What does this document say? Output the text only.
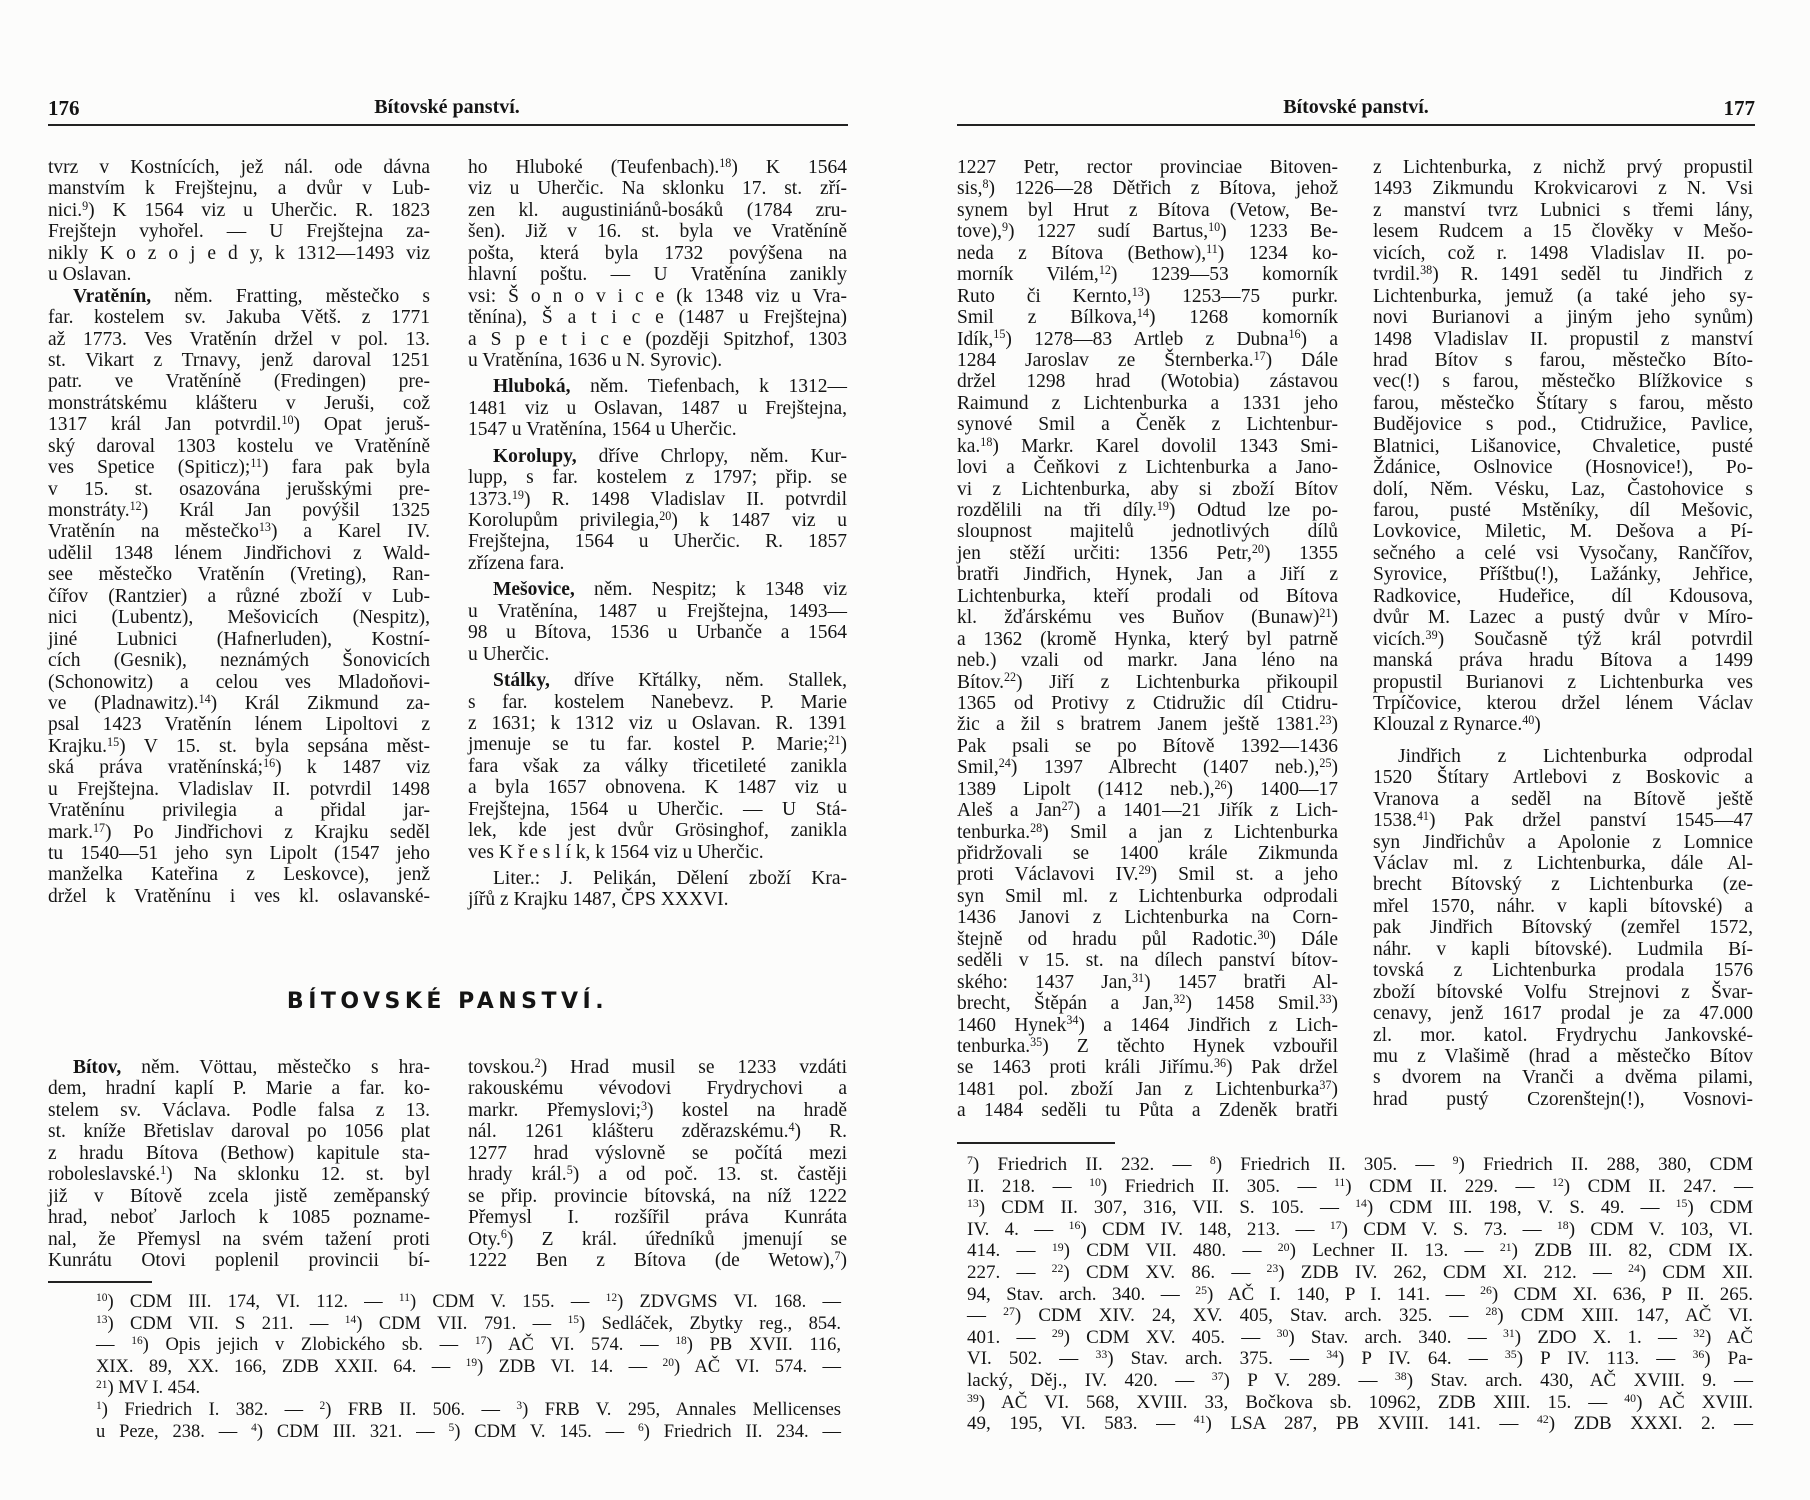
176	Bítovské panství.
tvrz v Kostnících, jež nál. ode dávna
manstvím k Frejštejnu, a dvůr v Lub-
nici.$^9$) K 1564 viz u Uherčic. R. 1823
Frejštejn vyhořel. — U Frejštejna za-
nikly K o z o j e d y, k 1312—1493 viz
u Oslavan.
Vratěnín, něm. Fratting, městečko s
far. kostelem sv. Jakuba Větš. z 1771
až 1773. Ves Vratěnín držel v pol. 13.
st. Vikart z Trnavy, jenž daroval 1251
patr. ve Vratěníně (Fredingen) pre-
monstrátskému klášteru v Jeruši, což
1317 král Jan potvrdil.$^{10}$) Opat jeruš-
ský daroval 1303 kostelu ve Vratěníně
ves Spetice (Spiticz);$^{11}$) fara pak byla
v 15. st. osazována jerušskými pre-
monstráty.$^{12}$) Král Jan povýšil 1325
Vratěnín na městečko$^{13}$) a Karel IV.
udělil 1348 lénem Jindřichovi z Wald-
see městečko Vratěnín (Vreting), Ran-
čířov (Rantzier) a různé zboží v Lub-
nici (Lubentz), Mešovicích (Nespitz),
jiné Lubnici (Hafnerluden), Kostní-
cích (Gesnik), neznámých Šonovicích
(Schonowitz) a celou ves Mladoňovi-
ve (Pladnawitz).$^{14}$) Král Zikmund za-
psal 1423 Vratěnín lénem Lipoltovi z
Krajku.$^{15}$) V 15. st. byla sepsána měst-
ská práva vratěnínská;$^{16}$) k 1487 viz
u Frejštejna. Vladislav II. potvrdil 1498
Vratěnínu privilegia a přidal jar-
mark.$^{17}$) Po Jindřichovi z Krajku seděl
tu 1540—51 jeho syn Lipolt (1547 jeho
manželka Kateřina z Leskovce), jenž
držel k Vratěnínu i ves kl. oslavanské-
ho Hluboké (Teufenbach).$^{18}$) K 1564
viz u Uherčic. Na sklonku 17. st. zří-
zen kl. augustiniánů-bosáků (1784 zru-
šen). Již v 16. st. byla ve Vratěníně
pošta, která byla 1732 povýšena na
hlavní poštu. — U Vratěnína zanikly
vsi: Š o n o v i c e (k 1348 viz u Vra-
těnína), Š a t i c e (1487 u Frejštejna)
a S p e t i c e (později Spitzhof, 1303
u Vratěnína, 1636 u N. Syrovic).
Hluboká, něm. Tiefenbach, k 1312—
1481 viz u Oslavan, 1487 u Frejštejna,
1547 u Vratěnína, 1564 u Uherčic.
Korolupy, dříve Chrlopy, něm. Kur-
lupp, s far. kostelem z 1797; přip. se
1373.19) R. 1498 Vladislav II. potvrdil
Korolupům privilegia,$^{20}$) k 1487 viz u
Frejštejna, 1564 u Uherčic. R. 1857
zřízena fara.
Mešovice, něm. Nespitz; k 1348 viz
u Vratěnína, 1487 u Frejštejna, 1493—
98 u Bítova, 1536 u Urbanče a 1564
u Uherčic.
Stálky, dříve Křtálky, něm. Stallek,
s far. kostelem Nanebevz. P. Marie
z 1631; k 1312 viz u Oslavan. R. 1391
jmenuje se tu far. kostel P. Marie;$^{21}$)
fara však za války třicetileté zanikla
a byla 1657 obnovena. K 1487 viz u
Frejštejna, 1564 u Uherčic. — U Stá-
lek, kde jest dvůr Grösinghof, zanikla
ves K ř e s l í k, k 1564 viz u Uherčic.
Liter.: J. Pelikán, Dělení zboží Kra-
jířů z Krajku 1487, ČPS XXXVI.
BÍTOVSKÉ PANSTVÍ.
Bítov, něm. Vöttau, městečko s hra-
dem, hradní kaplí P. Marie a far. ko-
stelem sv. Václava. Podle falsa z 13.
st. kníže Břetislav daroval po 1056 plat
z hradu Bítova (Bethow) kapitule sta-
roboleslavské.$^1$) Na sklonku 12. st. byl
již v Bítově zcela jistě zeměpanský
hrad, neboť Jarloch k 1085 poznamе-
nal, že Přemysl na svém tažení proti
Kunrátu Otovi poplenil provincii bí-
tovskou.$^2$) Hrad musil se 1233 vzdáti
rakouskému vévodovi Frydrychovi a
markr. Přemyslovi;$^3$) kostel na hradě
nál. 1261 klášteru zděrazskému.$^4$) R.
1277 hrad výslovně se počítá mezi
hrady král.$^5$) a od poč. 13. st. častěji
se přip. provincie bítovská, na níž 1222
Přemysl I. rozšířil práva Kunráta
Oty.$^6$) Z král. úředníků jmenují se
1222 Ben z Bítova (de Wetow),$^7$)
$^{10}$) CDM III. 174, VI. 112. — $^{11}$) CDM V. 155. — $^{12}$) ZDVGMS VI. 168. —
$^{13}$) CDM VII. S 211. — $^{14}$) CDM VII. 791. — $^{15}$) Sedláček, Zbytky reg., 854.
— $^{16}$) Opis jejich v Zlobického sb. — $^{17}$) AČ VI. 574. — $^{18}$) PB XVII. 116,
XIX. 89, XX. 166, ZDB XXII. 64. — $^{19}$) ZDB VI. 14. — $^{20}$) AČ VI. 574. —
$^{21}$) MV I. 454.
$^1$) Friedrich I. 382. — $^2$) FRB II. 506. — $^3$) FRB V. 295, Annales Mellicenses
u Peze, 238. — $^4$) CDM III. 321. — $^5$) CDM V. 145. — $^6$) Friedrich II. 234. —
Bítovské panství.	177
1227 Petr, rector provinciae Bitoven-
sis,$^8$) 1226—28 Dětřich z Bítova, jehož
synem byl Hrut z Bítova (Vetow, Be-
tove),$^9$) 1227 sudí Bartus,$^{10}$) 1233 Be-
neda z Bítova (Bethow),$^{11}$) 1234 ko-
morník Vilém,$^{12}$) 1239—53 komorník
Ruto či Kernto,$^{13}$) 1253—75 purkr.
Smil z Bílkova,$^{14}$) 1268 komorník
Idík,$^{15}$) 1278—83 Artleb z Dubna$^{16}$) a
1284 Jaroslav ze Šternberka.$^{17}$) Dále
držel 1298 hrad (Wotobia) zástavou
Raimund z Lichtenburka a 1331 jeho
synové Smil a Čeněk z Lichtenbur-
ka.$^{18}$) Markr. Karel dovolil 1343 Smi-
lovi a Čeňkovi z Lichtenburka a Jano-
vi z Lichtenburka, aby si zboží Bítov
rozdělili na tři díly.$^{19}$) Odtud lze po-
sloupnost majitelů jednotlivých dílů
jen stěží určiti: 1356 Petr,$^{20}$) 1355
bratři Jindřich, Hynek, Jan a Jiří z
Lichtenburka, kteří prodali od Bítova
kl. žďárskému ves Buňov (Bunaw)$^{21}$)
a 1362 (kromě Hynka, který byl patrně
neb.) vzali od markr. Jana léno na
Bítov.$^{22}$) Jiří z Lichtenburka přikoupil
1365 od Protivy z Ctidružic díl Ctidru-
žic a žil s bratrem Janem ještě 1381.23)
Pak psali se po Bítově 1392—1436
Smil,$^{24}$) 1397 Albrecht (1407 neb.),$^{25}$)
1389 Lipolt (1412 neb.),$^{26}$) 1400—17
Aleš a Jan$^{27}$) a 1401—21 Jiřík z Lich-
tenburka.$^{28}$) Smil a jan z Lichtenburka
přidržovali se 1400 krále Zikmunda
proti Václavovi IV.$^{29}$) Smil st. a jeho
syn Smil ml. z Lichtenburka odprodali
1436 Janovi z Lichtenburka na Corn-
štejně od hradu půl Radotic.$^{30}$) Dále
seděli v 15. st. na dílech panství bítov-
ského: 1437 Jan,$^{31}$) 1457 bratři Al-
brecht, Štěpán a Jan,$^{32}$) 1458 Smil.$^{33}$)
1460 Hynek$^{34}$) a 1464 Jindřich z Lich-
tenburka.$^{35}$) Z těchto Hynek vzbouřil
se 1463 proti králi Jiřímu.$^{36}$) Pak držel
1481 pol. zboží Jan z Lichtenburka$^{37}$)
a 1484 seděli tu Půta a Zdeněk bratři
z Lichtenburka, z nichž prvý propustil
1493 Zikmundu Krokvicarovi z N. Vsi
z manství tvrz Lubnici s třemi lány,
lesem Rudcem a 15 člověky v Mešo-
vicích, což r. 1498 Vladislav II. po-
tvrdil.$^{38}$) R. 1491 seděl tu Jindřich z
Lichtenburka, jemuž (a také jeho sy-
novi Burianovi a jiným jeho synům)
1498 Vladislav II. propustil z manství
hrad Bítov s farou, městečko Bíto-
vec(!) s farou, městečko Blížkovice s
farou, městečko Štítary s farou, město
Budějovice s pod., Ctidružice, Pavlice,
Blatnici, Lišanovice, Chvaletice, pusté
Ždánice, Oslnovice (Hosnovice!), Po-
dolí, Něm. Vésku, Laz, Častohovice s
farou, pusté Mstěníky, díl Mešovic,
Lovkovice, Miletic, M. Dešova a Pí-
sečného a celé vsi Vysočany, Rančířov,
Syrovice, Příštbu(!), Lažánky, Jehřice,
Radkovice, Hudeřice, díl Kdousova,
dvůr M. Lazec a pustý dvůr v Míro-
vicích.$^{39}$) Současně týž král potvrdil
manská práva hradu Bítova a 1499
propustil Burianovi z Lichtenburka ves
Trpíčovice, kterou držel lénem Václav
Klouzal z Rynarce.$^{40}$)
Jindřich z Lichtenburka odprodal
1520 Štítary Artlebovi z Boskovic a
Vranova a seděl na Bítově ještě
1538.41) Pak držel panství 1545—47
syn Jindřichův a Apolonie z Lomnice
Václav ml. z Lichtenburka, dále Al-
brecht Bítovský z Lichtenburka (ze-
mřel 1570, náhr. v kapli bítovské) a
pak Jindřich Bítovský (zemřel 1572,
náhr. v kapli bítovské). Ludmila Bí-
tovská z Lichtenburka prodala 1576
zboží bítovské Volfu Strejnovi z Švar-
cenavy, jenž 1617 prodal je za 47.000
zl. mor. katol. Frydrychu Jankovské-
mu z Vlašimě (hrad a městečko Bítov
s dvorem na Vranči a dvěma pilami,
hrad pustý Czorenštejn(!), Vosnovi-
$^7$) Friedrich II. 232. — $^8$) Friedrich II. 305. — $^9$) Friedrich II. 288, 380, CDM
II. 218. — $^{10}$) Friedrich II. 305. — $^{11}$) CDM II. 229. — $^{12}$) CDM II. 247. —
$^{13}$) CDM II. 307, 316, VII. S. 105. — $^{14}$) CDM III. 198, V. S. 49. — $^{15}$) CDM
IV. 4. — $^{16}$) CDM IV. 148, 213. — $^{17}$) CDM V. S. 73. — $^{18}$) CDM V. 103, VI.
414. — $^{19}$) CDM VII. 480. — $^{20}$) Lechner II. 13. — $^{21}$) ZDB III. 82, CDM IX.
227. — $^{22}$) CDM XV. 86. — $^{23}$) ZDB IV. 262, CDM XI. 212. — $^{24}$) CDM XII.
94, Stav. arch. 340. — $^{25}$) AČ I. 140, P I. 141. — $^{26}$) CDM XI. 636, P II. 265.
— $^{27}$) CDM XIV. 24, XV. 405, Stav. arch. 325. — $^{28}$) CDM XIII. 147, AČ VI.
401. — $^{29}$) CDM XV. 405. — $^{30}$) Stav. arch. 340. — $^{31}$) ZDO X. 1. — $^{32}$) AČ
VI. 502. — $^{33}$) Stav. arch. 375. — $^{34}$) P IV. 64. — $^{35}$) P IV. 113. — $^{36}$) Pa-
lacký, Děj., IV. 420. — $^{37}$) P V. 289. — $^{38}$) Stav. arch. 430, AČ XVIII. 9. —
$^{39}$) AČ VI. 568, XVIII. 33, Bočkova sb. 10962, ZDB XIII. 15. — $^{40}$) AČ XVIII.
49, 195, VI. 583. — $^{41}$) LSA 287, PB XVIII. 141. — $^{42}$) ZDB XXXI. 2. —
